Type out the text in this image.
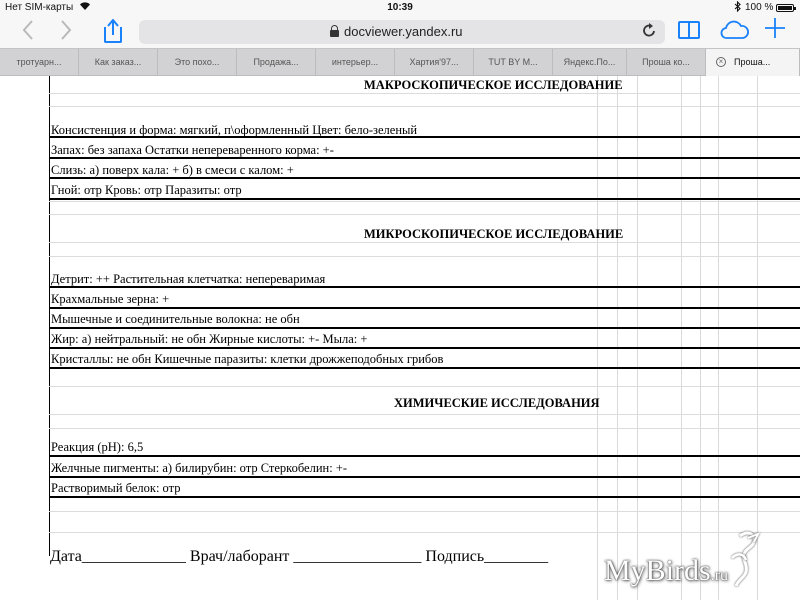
Нет SIM-карты	10:39	100 %
docviewer.yandex.ru
тротуарн...	Как заказ...	Это похо...	Продажа...	интерьер...	Хартия'97...	TUT BY M...	Яндекс.По...	Проша ко...	× Проша...
МАКРОСКОПИЧЕСКОЕ ИССЛЕДОВАНИЕ
Консистенция и форма: мягкий, п\оформленный Цвет: бело-зеленый
Запах: без запаха Остатки непереваренного корма: +-
Слизь: а) поверх кала: + б) в смеси с калом: +
Гной: отр Кровь: отр Паразиты: отр
МИКРОСКОПИЧЕСКОЕ ИССЛЕДОВАНИЕ
Детрит: ++ Растительная клетчатка: непереваримая
Крахмальные зерна: +
Мышечные и соединительные волокна: не обн
Жир: а) нейтральный: не обн Жирные кислоты: +- Мыла: +
Кристаллы: не обн Кишечные паразиты: клетки дрожжеподобных грибов
ХИМИЧЕСКИЕ ИССЛЕДОВАНИЯ
Реакция (pH): 6,5
Желчные пигменты: а) билирубин: отр Стеркобелин: +-
Растворимый белок: отр
Дата_____________ Врач/лаборант ________________ Подпись________ MyBirds.ru
